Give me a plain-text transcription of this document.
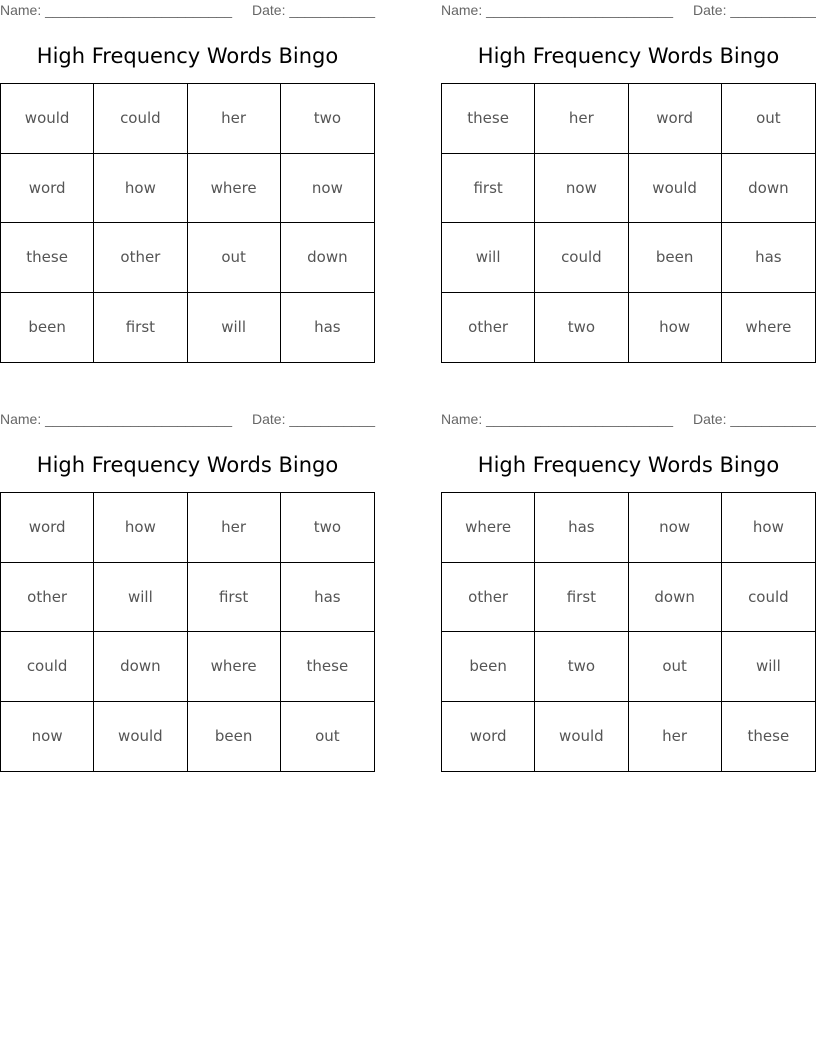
Name: ________________________ Date: ___________
High Frequency Words Bingo
would	could	her	two
word	how	where	now
these	other	out	down
been	first	will	has
Name: ________________________ Date: ___________
High Frequency Words Bingo
these	her	word	out
first	now	would	down
will	could	been	has
other	two	how	where
Name: ________________________ Date: ___________
High Frequency Words Bingo
word	how	her	two
other	will	first	has
could	down	where	these
now	would	been	out
Name: ________________________ Date: ___________
High Frequency Words Bingo
where	has	now	how
other	first	down	could
been	two	out	will
word	would	her	these
